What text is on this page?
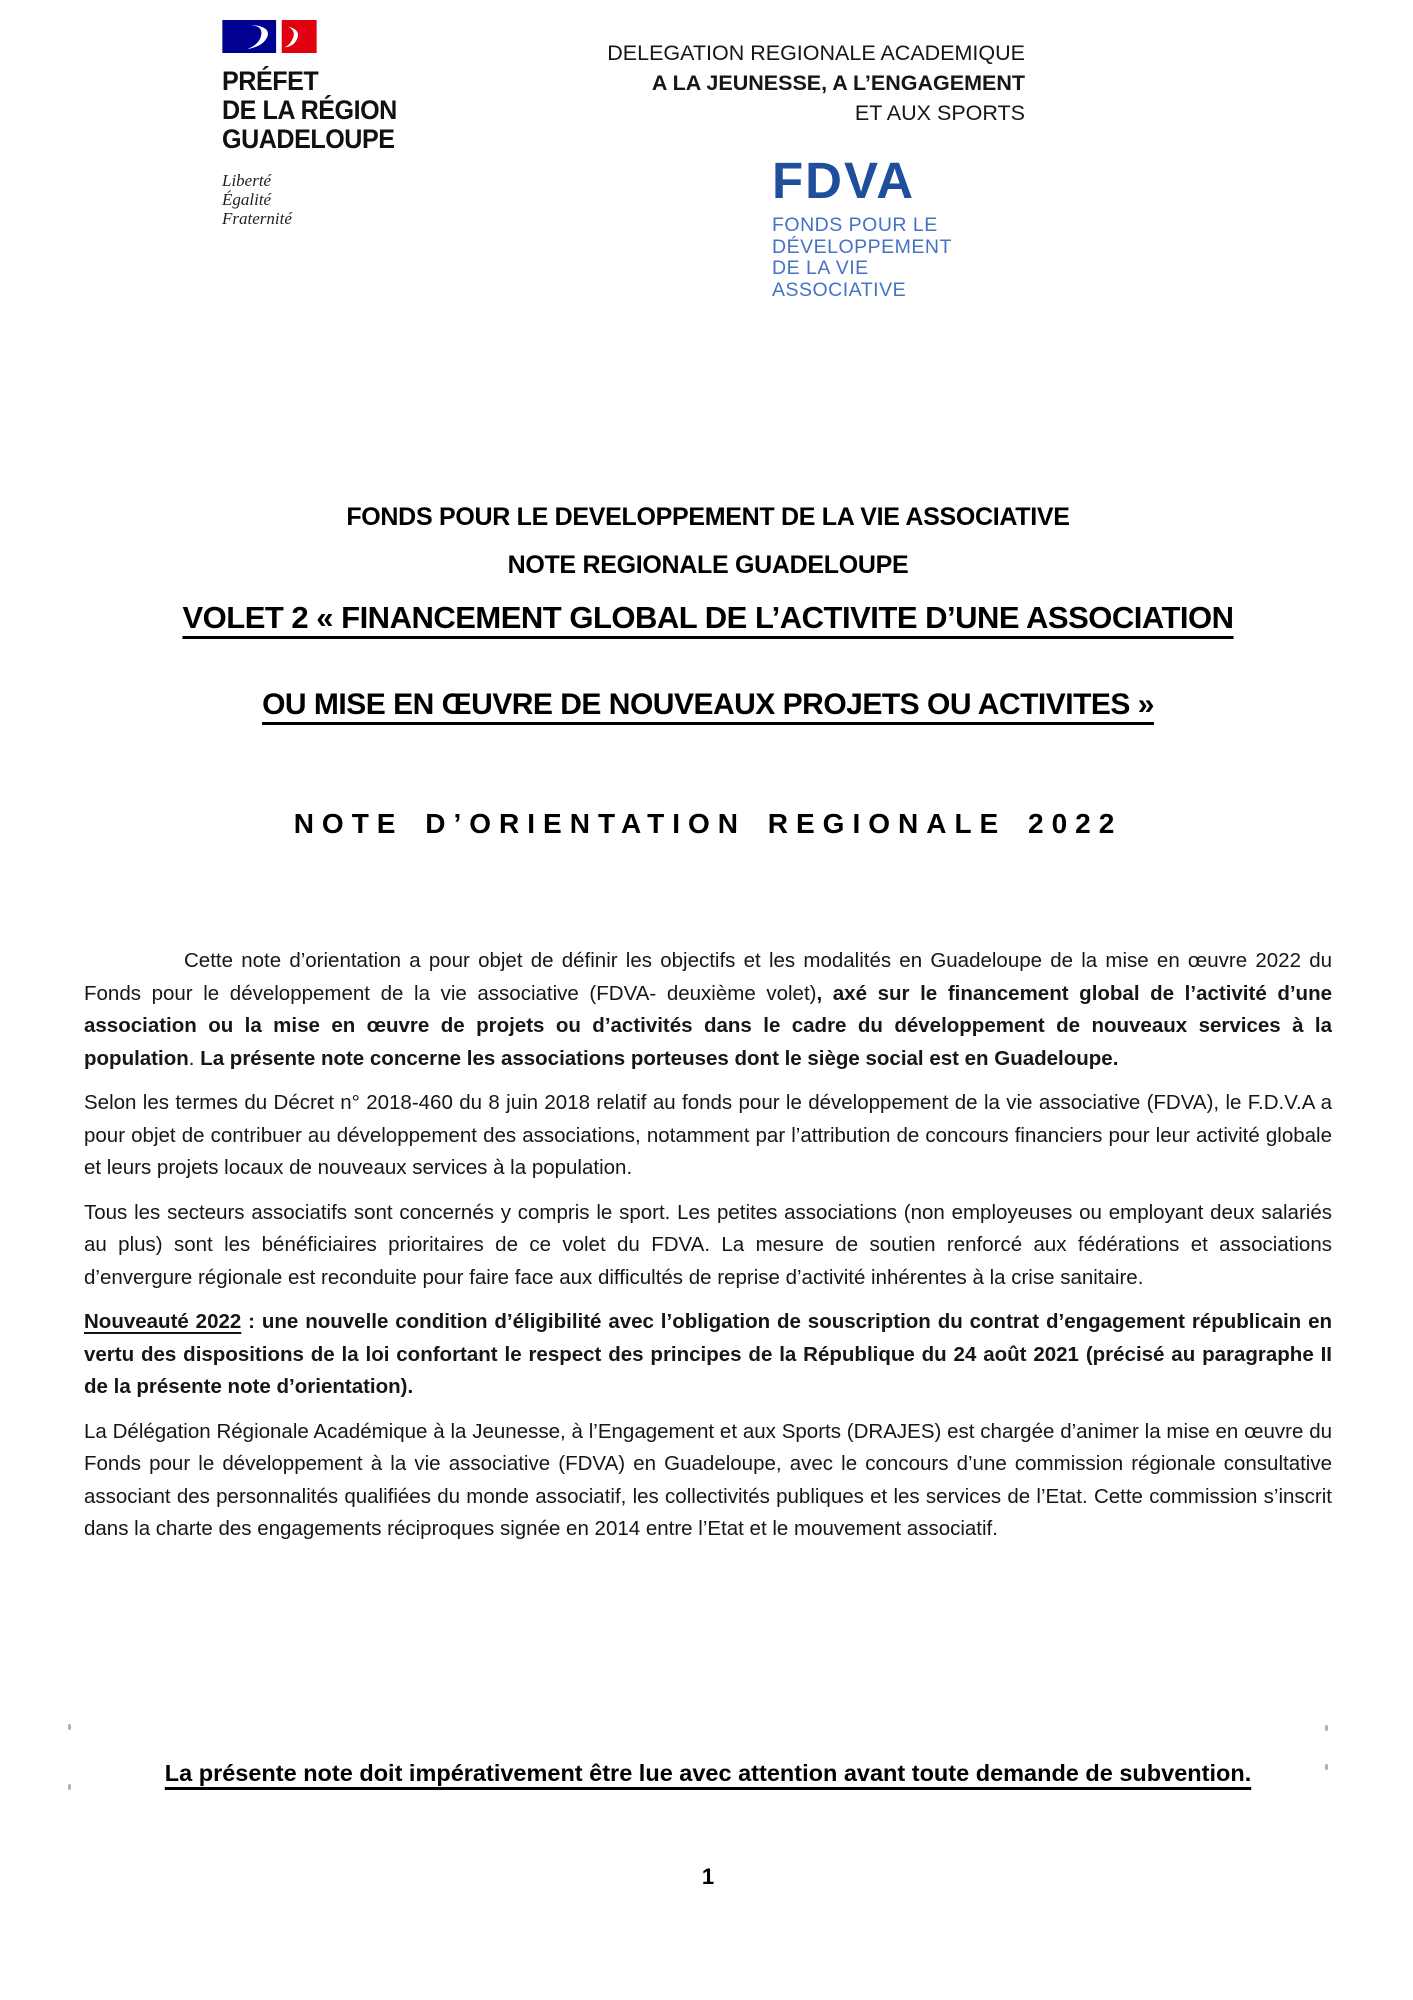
PRÉFET
DE LA RÉGION
GUADELOUPE
Liberté
Égalité
Fraternité
DELEGATION REGIONALE ACADEMIQUE
A LA JEUNESSE, A L’ENGAGEMENT
ET AUX SPORTS
FDVA
FONDS POUR LE
DÉVELOPPEMENT
DE LA VIE
ASSOCIATIVE
FONDS POUR LE DEVELOPPEMENT DE LA VIE ASSOCIATIVE
NOTE REGIONALE GUADELOUPE
VOLET 2 « FINANCEMENT GLOBAL DE L’ACTIVITE D’UNE ASSOCIATION
OU MISE EN ŒUVRE DE NOUVEAUX PROJETS OU ACTIVITES »
NOTE D’ORIENTATION REGIONALE 2022

Cette note d’orientation a pour objet de définir les objectifs et les modalités en Guadeloupe de la mise en œuvre 2022 du Fonds pour le développement de la vie associative (FDVA- deuxième volet), axé sur le financement global de l’activité d’une association ou la mise en œuvre de projets ou d’activités dans le cadre du développement de nouveaux services à la population. La présente note concerne les associations porteuses dont le siège social est en Guadeloupe.

Selon les termes du Décret n° 2018-460 du 8 juin 2018 relatif au fonds pour le développement de la vie associative (FDVA), le F.D.V.A a pour objet de contribuer au développement des associations, notamment par l’attribution de concours financiers pour leur activité globale et leurs projets locaux de nouveaux services à la population.

Tous les secteurs associatifs sont concernés y compris le sport. Les petites associations (non employeuses ou employant deux salariés au plus) sont les bénéficiaires prioritaires de ce volet du FDVA. La mesure de soutien renforcé aux fédérations et associations d’envergure régionale est reconduite pour faire face aux difficultés de reprise d’activité inhérentes à la crise sanitaire.

Nouveauté 2022 : une nouvelle condition d’éligibilité avec l’obligation de souscription du contrat d’engagement républicain en vertu des dispositions de la loi confortant le respect des principes de la République du 24 août 2021 (précisé au paragraphe II de la présente note d’orientation).

La Délégation Régionale Académique à la Jeunesse, à l’Engagement et aux Sports (DRAJES) est chargée d’animer la mise en œuvre du Fonds pour le développement à la vie associative (FDVA) en Guadeloupe, avec le concours d’une commission régionale consultative associant des personnalités qualifiées du monde associatif, les collectivités publiques et les services de l’Etat. Cette commission s’inscrit dans la charte des engagements réciproques signée en 2014 entre l’Etat et le mouvement associatif.

La présente note doit impérativement être lue avec attention avant toute demande de subvention.
1
